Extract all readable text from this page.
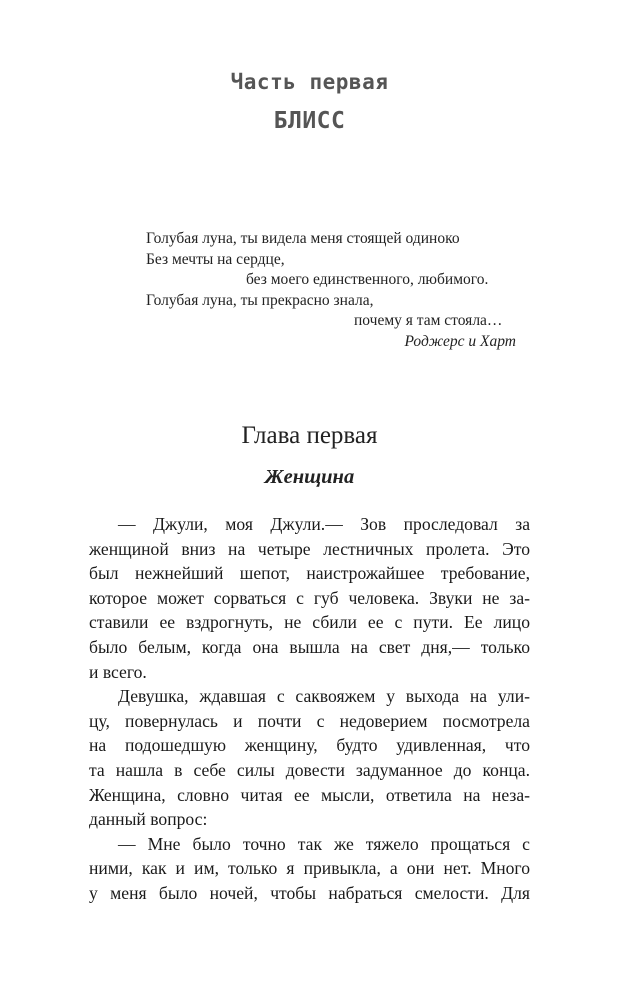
Часть первая
БЛИСС
Голубая луна, ты видела меня стоящей одиноко
Без мечты на сердце,
без моего единственного, любимого.
Голубая луна, ты прекрасно знала,
почему я там стояла…
Роджерс и Харт
Глава первая
Женщина
— Джули, моя Джули.— Зов проследовал за
женщиной вниз на четыре лестничных пролета. Это
был нежнейший шепот, наистрожайшее требование,
которое может сорваться с губ человека. Звуки не за-
ставили ее вздрогнуть, не сбили ее с пути. Ее лицо
было белым, когда она вышла на свет дня,— только
и всего.
Девушка, ждавшая с саквояжем у выхода на ули-
цу, повернулась и почти с недоверием посмотрела
на подошедшую женщину, будто удивленная, что
та нашла в себе силы довести задуманное до конца.
Женщина, словно читая ее мысли, ответила на неза-
данный вопрос:
— Мне было точно так же тяжело прощаться с
ними, как и им, только я привыкла, а они нет. Много
у меня было ночей, чтобы набраться смелости. Для
